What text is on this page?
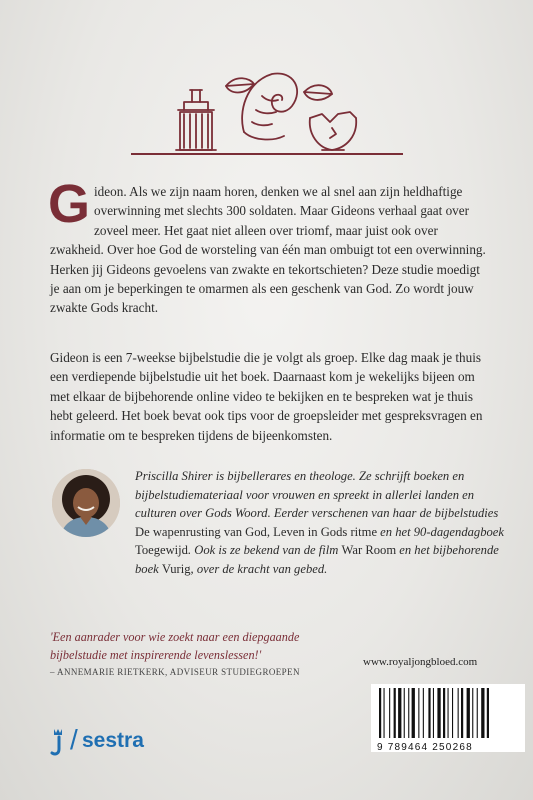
G ideon. Als we zijn naam horen, denken we al snel aan zijn heldhaftige overwinning met slechts 300 soldaten. Maar Gideons verhaal gaat over zoveel meer. Het gaat niet alleen over triomf, maar juist ook over zwakheid. Over hoe God de worsteling van één man ombuigt tot een overwinning.
Herken jij Gideons gevoelens van zwakte en tekortschieten? Deze studie moedigt je aan om je beperkingen te omarmen als een geschenk van God. Zo wordt jouw zwakte Gods kracht.
Gideon is een 7-weekse bijbelstudie die je volgt als groep. Elke dag maak je thuis een verdiepende bijbelstudie uit het boek. Daarnaast kom je wekelijks bijeen om met elkaar de bijbehorende online video te bekijken en te bespreken wat je thuis hebt geleerd. Het boek bevat ook tips voor de groepsleider met gespreksvragen en informatie om te bespreken tijdens de bijeenkomsten.
Priscilla Shirer is bijbellerares en theologe. Ze schrijft boeken en bijbelstudiemateriaal voor vrouwen en spreekt in allerlei landen en culturen over Gods Woord. Eerder verschenen van haar de bijbelstudies De wapenrusting van God, Leven in Gods ritme en het 90-dagendagboek Toegewijd. Ook is ze bekend van de film War Room en het bijbehorende boek Vurig, over de kracht van gebed.
'Een aanrader voor wie zoekt naar een diepgaande bijbelstudie met inspirerende levenslessen!'
– ANNEMARIE RIETKERK, ADVISEUR STUDIEGROEPEN
www.royaljongbloed.com
/ sestra	9 789464 250268
